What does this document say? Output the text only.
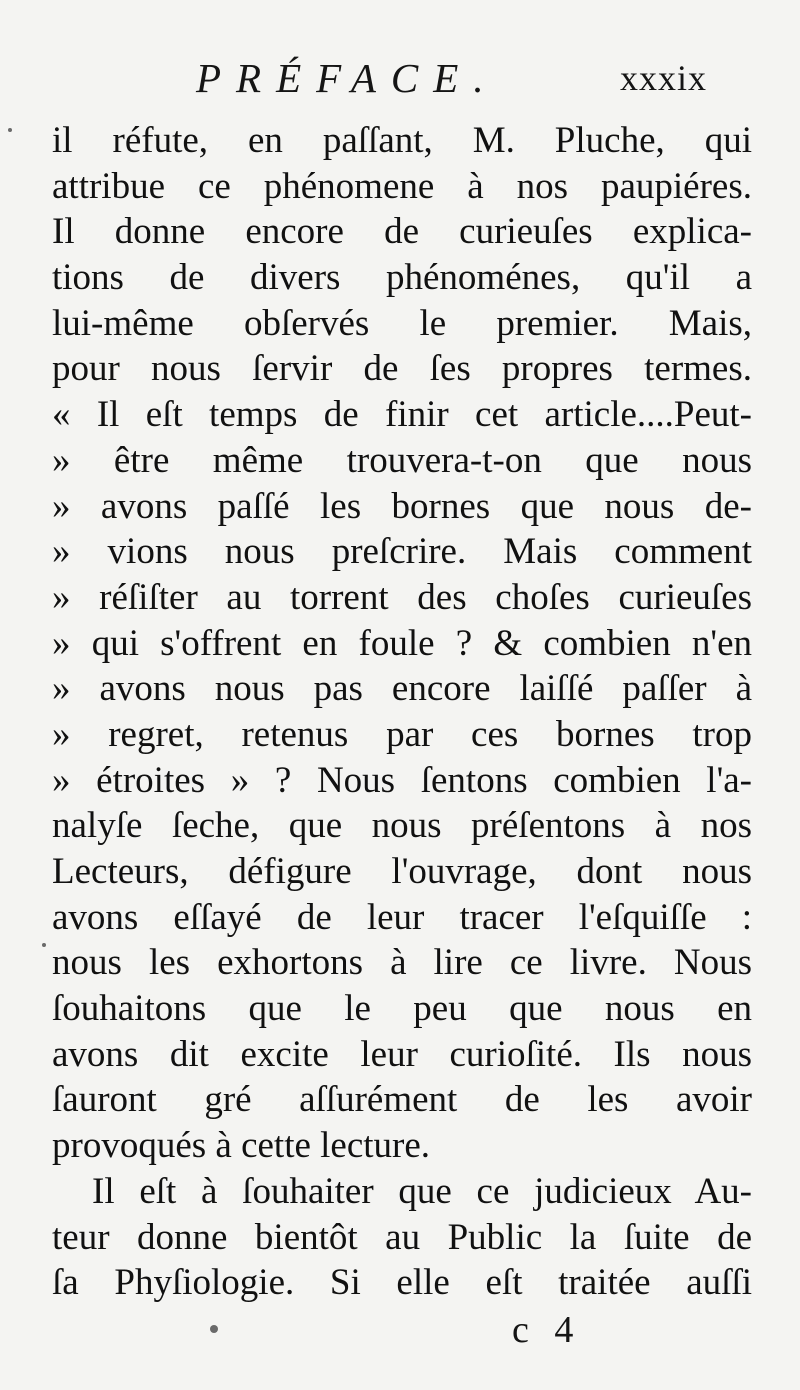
PRÉFACE.	xxxix
il réfute, en paſſant, M. Pluche, qui
attribue ce phénomene à nos paupiéres.
Il donne encore de curieuſes explica-
tions de divers phénoménes, qu'il a
lui-même obſervés le premier. Mais,
pour nous ſervir de ſes propres termes.
« Il eſt temps de finir cet article....Peut-
» être même trouvera-t-on que nous
» avons paſſé les bornes que nous de-
» vions nous preſcrire. Mais comment
» réſiſter au torrent des choſes curieuſes
» qui s'offrent en foule ? & combien n'en
» avons nous pas encore laiſſé paſſer à
» regret, retenus par ces bornes trop
» étroites » ? Nous ſentons combien l'a-
nalyſe ſeche, que nous préſentons à nos
Lecteurs, défigure l'ouvrage, dont nous
avons eſſayé de leur tracer l'eſquiſſe :
nous les exhortons à lire ce livre. Nous
ſouhaitons que le peu que nous en
avons dit excite leur curioſité. Ils nous
ſauront gré aſſurément de les avoir
provoqués à cette lecture.
Il eſt à ſouhaiter que ce judicieux Au-
teur donne bientôt au Public la ſuite de
ſa Phyſiologie. Si elle eſt traitée auſſi
c 4
